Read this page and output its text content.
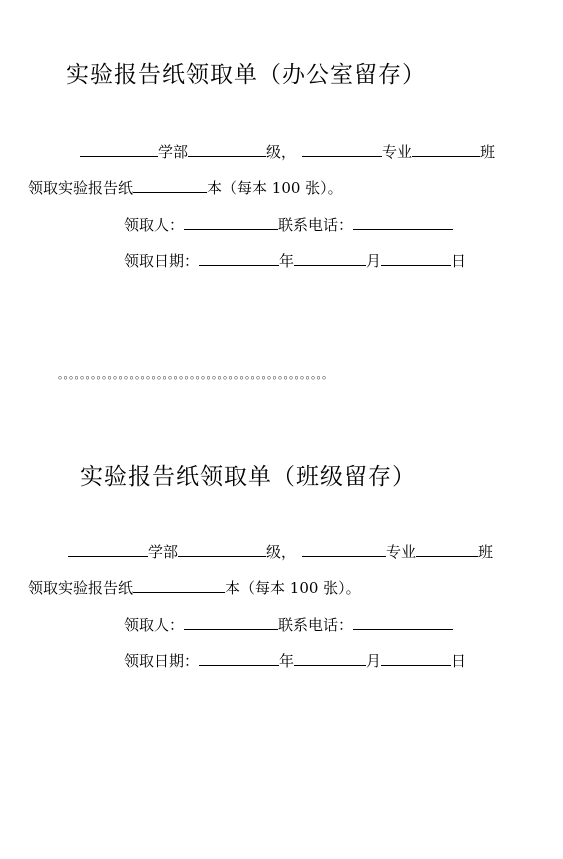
实验报告纸领取单（办公室留存）
学部	级，	专业	班
领取实验报告纸	本（每本 100 张）。
领取人：	联系电话：
领取日期：	年	月	日
。。。。。。。。。。。。。。。。。。。。。。。。。。。。。。。。。。。。。。。。。。。。。。。。。
实验报告纸领取单（班级留存）
学部	级，	专业	班
领取实验报告纸	本（每本 100 张）。
领取人：	联系电话：
领取日期：	年	月	日
